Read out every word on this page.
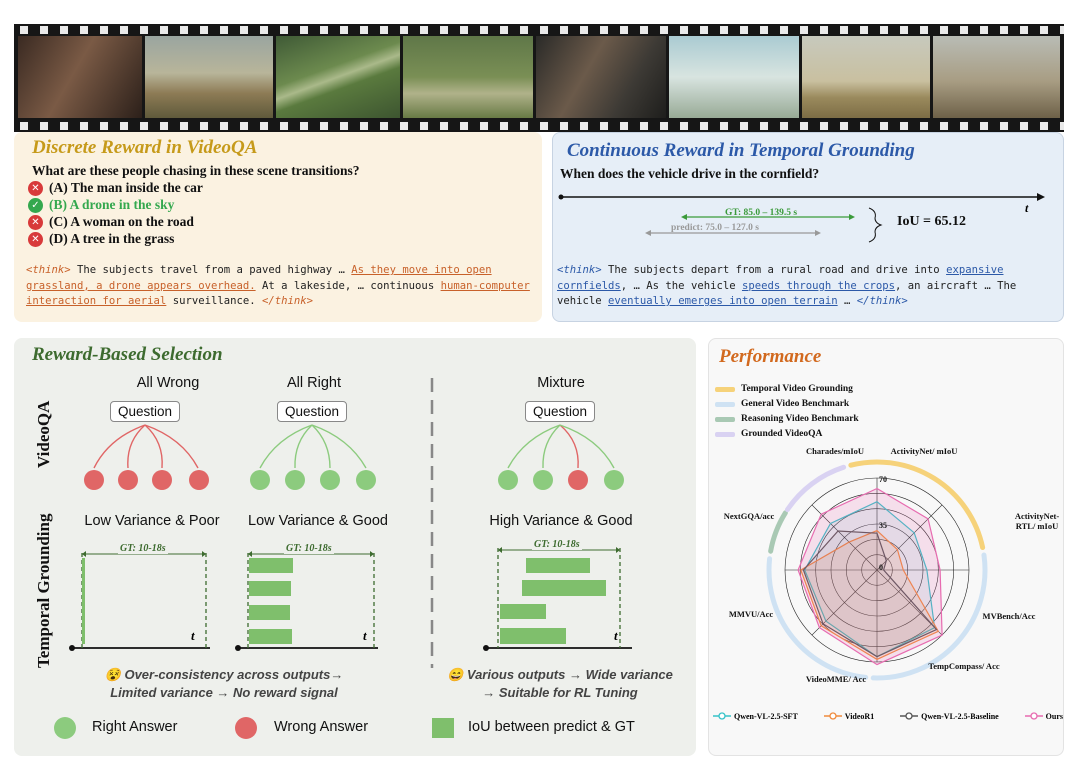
Discrete Reward in VideoQA
What are these people chasing in these scene transitions?
✕ (A) The man inside the car
✓ (B) A drone in the sky
✕ (C) A woman on the road
✕ (D) A tree in the grass
<think> The subjects travel from a paved highway … As they move into open grassland, a drone appears overhead. At a lakeside, … continuous human-computer interaction for aerial surveillance. </think>
Continuous Reward in Temporal Grounding
When does the vehicle drive in the cornfield?
t
GT: 85.0 – 139.5 s
predict: 75.0 – 127.0 s	IoU = 65.12
<think> The subjects depart from a rural road and drive into expansive cornfields, … As the vehicle speeds through the crops, an aircraft … The vehicle eventually emerges into open terrain … </think>
Reward-Based Selection
VideoQA
Temporal Grounding
All Wrong	All Right	Mixture
Question	Question	Question
Low Variance & Poor	Low Variance & Good	High Variance & Good
GT: 10-18s	GT: 10-18s	GT: 10-18s
t	t	t
😵 Over-consistency across outputs→
Limited variance → No reward signal
😄 Various outputs → Wide variance
→ Suitable for RL Tuning
Right Answer	Wrong Answer	IoU between predict & GT
Performance
Temporal Video Grounding
General Video Benchmark
Reasoning Video Benchmark
Grounded VideoQA
0
35
70
Charades/mIoU	ActivityNet/ mIoU
ActivityNet-
RTL/ mIoU
MVBench/Acc
TempCompass/ Acc
VideoMME/ Acc
MMVU/Acc
NextGQA/acc
Qwen-VL-2.5-SFT	VideoR1	Qwen-VL-2.5-Baseline	Ours
